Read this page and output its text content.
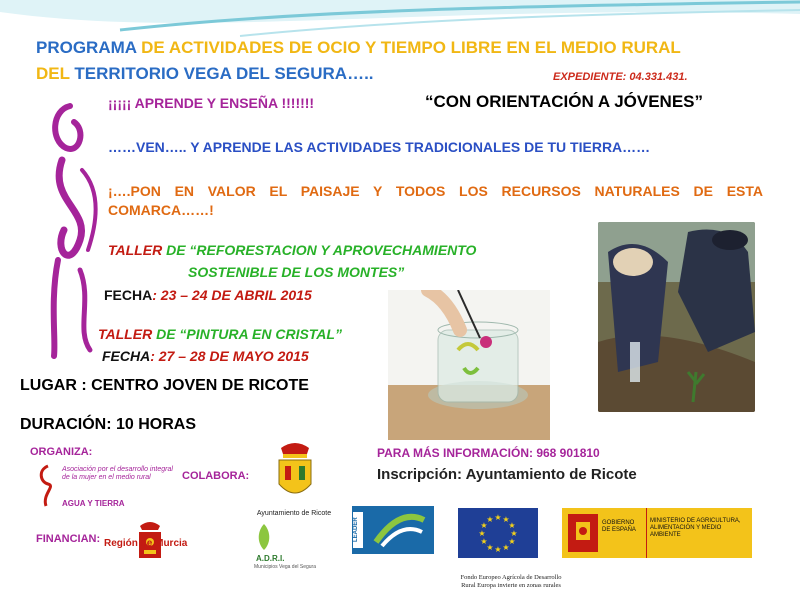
PROGRAMA DE ACTIVIDADES DE OCIO Y TIEMPO LIBRE EN EL MEDIO RURAL
DEL TERRITORIO VEGA DEL SEGURA…..	EXPEDIENTE: 04.331.431.
¡¡¡¡¡ APRENDE Y ENSEÑA !!!!!!!	“CON ORIENTACIÓN A JÓVENES”
……VEN….. Y APRENDE LAS ACTIVIDADES TRADICIONALES DE TU TIERRA……
¡….PON EN VALOR EL PAISAJE Y TODOS LOS RECURSOS NATURALES DE ESTA
COMARCA……!
TALLER DE “REFORESTACION Y APROVECHAMIENTO
SOSTENIBLE DE LOS MONTES”
FECHA: 23 – 24 DE ABRIL 2015
TALLER DE “PINTURA EN CRISTAL”
FECHA: 27 – 28 DE MAYO 2015
LUGAR : CENTRO JOVEN DE RICOTE
DURACIÓN: 10 HORAS
ORGANIZA:
COLABORA:
FINANCIAN:
PARA MÁS INFORMACIÓN: 968 901810
Inscripción: Ayuntamiento de Ricote
Asociación por el desarrollo integral de la mujer en el medio rural
AGUA Y TIERRA
Ayuntamiento de Ricote
Región de Murcia
A.D.R.I.
Municipios Vega del Segura
LEADER
★ ★
★
★
★
★
★
★
★
★
★
★	GOBIERNO DE ESPAÑA
MINISTERIO DE AGRICULTURA, ALIMENTACIÓN Y MEDIO AMBIENTE
Fondo Europeo Agrícola de Desarrollo Rural Europa invierte en zonas rurales
